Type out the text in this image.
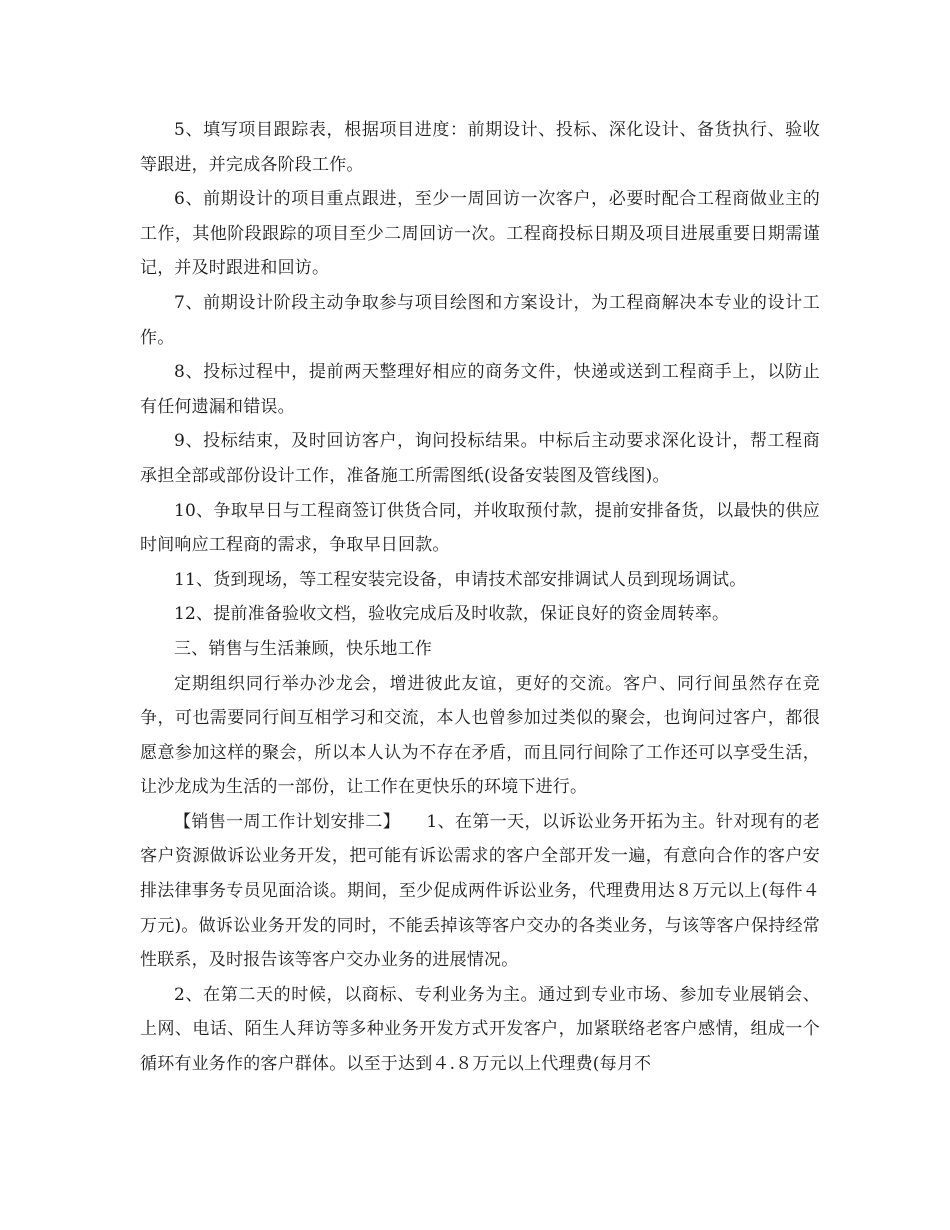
5、填写项目跟踪表，根据项目进度：前期设计、投标、深化设计、备货执行、验收等跟进，并完成各阶段工作。

6、前期设计的项目重点跟进，至少一周回访一次客户，必要时配合工程商做业主的工作，其他阶段跟踪的项目至少二周回访一次。工程商投标日期及项目进展重要日期需谨记，并及时跟进和回访。

7、前期设计阶段主动争取参与项目绘图和方案设计，为工程商解决本专业的设计工作。

8、投标过程中，提前两天整理好相应的商务文件，快递或送到工程商手上，以防止有任何遗漏和错误。

9、投标结束，及时回访客户，询问投标结果。中标后主动要求深化设计，帮工程商承担全部或部份设计工作，准备施工所需图纸(设备安装图及管线图)。

10、争取早日与工程商签订供货合同，并收取预付款，提前安排备货，以最快的供应时间响应工程商的需求，争取早日回款。

11、货到现场，等工程安装完设备，申请技术部安排调试人员到现场调试。

12、提前准备验收文档，验收完成后及时收款，保证良好的资金周转率。

三、销售与生活兼顾，快乐地工作

定期组织同行举办沙龙会，增进彼此友谊，更好的交流。客户、同行间虽然存在竞争，可也需要同行间互相学习和交流，本人也曾参加过类似的聚会，也询问过客户，都很愿意参加这样的聚会，所以本人认为不存在矛盾，而且同行间除了工作还可以享受生活，让沙龙成为生活的一部份，让工作在更快乐的环境下进行。

【销售一周工作计划安排二】　　1、在第一天，以诉讼业务开拓为主。针对现有的老客户资源做诉讼业务开发，把可能有诉讼需求的客户全部开发一遍，有意向合作的客户安排法律事务专员见面洽谈。期间，至少促成两件诉讼业务，代理费用达８万元以上(每件４万元)。做诉讼业务开发的同时，不能丢掉该等客户交办的各类业务，与该等客户保持经常性联系，及时报告该等客户交办业务的进展情况。

2、在第二天的时候，以商标、专利业务为主。通过到专业市场、参加专业展销会、上网、电话、陌生人拜访等多种业务开发方式开发客户，加紧联络老客户感情，组成一个循环有业务作的客户群体。以至于达到４.８万元以上代理费(每月不
